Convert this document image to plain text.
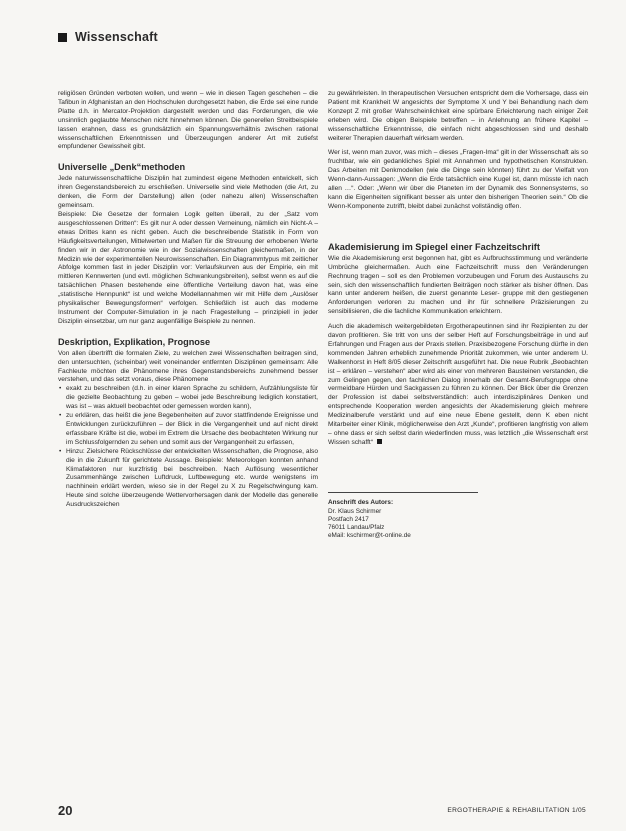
Wissenschaft

religiösen Gründen verboten wollen, und wenn – wie in diesen Tagen geschehen – die Tafibun in Afghanistan an den Hochschulen durchgesetzt haben, die Erde sei eine runde Platte d.h. in Mercator-Projektion dargestellt werden und das Forderungen, die wie unsinnlich geglaubte Menschen nicht hinnehmen können. Die generellen Streitbeispiele lassen erahnen, dass es grundsätzlich ein Spannungsverhältnis zwischen rational wissenschaftlichen Erkenntnissen und Überzeugungen anderer Art mit zutiefst empfundener Gewissheit gibt.

Universelle „Denk“methoden

Jede naturwissenschaftliche Disziplin hat zumindest eigene Methoden entwickelt, sich ihren Gegenstandsbereich zu erschließen. Universelle sind viele Methoden (die Art, zu denken, die Form der Darstellung) allen (oder nahezu allen) Wissenschaften gemeinsam.

Beispiele: Die Gesetze der formalen Logik gelten überall, zu der „Satz vom ausgeschlossenen Dritten“: Es gilt nur A oder dessen Verneinung, nämlich ein Nicht-A – etwas Drittes kann es nicht geben. Auch die beschreibende Statistik in Form von Häufigkeitsverteilungen, Mittelwerten und Maßen für die Streuung der erhobenen Werte finden wir in der Astronomie wie in der Sozialwissenschaften gleichermaßen, in der Medizin wie der experimentellen Neurowissenschaften. Ein Diagrammtypus mit zeitlicher Abfolge kommen fast in jeder Disziplin vor: Verlaufskurven aus der Empirie, ein mit mittleren Kennwerten (und evtl. möglichen Schwankungsbreiten), selbst wenn es auf die tatsächlichen Phasen bestehende eine öffentliche Verteilung davon hat, was eine „statistische Hennpunkt“ ist und welche Modellannahmen wir mit Hilfe dem „Auslöser physikalischer Bewegungsformen“ verfolgen. Schließlich ist auch das moderne Instrument der Computer-Simulation in je nach Fragestellung – prinzipiell in jeder Disziplin einsetzbar, um nur ganz augenfällige Beispiele zu nennen.

Deskription, Explikation, Prognose

Von allen übertrifft die formalen Ziele, zu welchen zwei Wissenschaften beitragen sind, den untersuchten, (scheinbar) weit voneinander entfernten Disziplinen gemeinsam: Alle Fachleute möchten die Phänomene ihres Gegenstandsbereichs zunehmend besser verstehen, und das setzt voraus, diese Phänomene

• exakt zu beschreiben (d.h. in einer klaren Sprache zu schildern, Aufzählungsliste für die gezielte Beobachtung zu geben – wobei jede Beschreibung lediglich konstatiert, was ist – was aktuell beobachtet oder gemessen worden kann),
• zu erklären, das heißt die jene Begebenheiten auf zuvor stattfindende Ereignisse und Entwicklungen zurückzuführen – der Blick in die Vergangenheit und auf nicht direkt erfassbare Kräfte ist die, wobei im Extrem die Ursache des beobachteten Wirkung nur im Schlussfolgernden zu sehen und somit aus der Vergangenheit zu erfassen,
• Hinzu: Zielsichere Rückschlüsse der entwickelten Wissenschaften, die Prognose, also die in die Zukunft für gerichtete Aussage. Beispiele: Meteorologen konnten anhand Klimafaktoren nur kurzfristig bei beschreiben. Nach Auflösung wesentlicher Zusammenhänge zwischen Luftdruck, Luftbewegung etc. wurde wenigstens im nachhinein erklärt werden, wieso sie in der Regel zu X zu Regelschwingung kam. Heute sind solche überzeugende Wettervorhersagen dank der Modelle das generelle Ausdruckszeichen

zu gewährleisten. In therapeutischen Versuchen entspricht dem die Vorhersage, dass ein Patient mit Krankheit W angesichts der Symptome X und Y bei Behandlung nach dem Konzept Z mit großer Wahrscheinlichkeit eine spürbare Erleichterung nach einiger Zeit erleben wird. Die obigen Beispiele betreffen – in Anlehnung an frühere Kapitel – wissenschaftliche Erkenntnisse, die einfach nicht abgeschlossen sind und deshalb weiterer Therapien dauerhaft wirksam werden.

Wer ist, wenn man zuvor, was mich – dieses „Fragen-Ima“ gilt in der Wissenschaft als so fruchtbar, wie ein gedankliches Spiel mit Annahmen und hypothetischen Konstrukten. Das Arbeiten mit Denkmodellen (wie die Dinge sein könnten) führt zu der Vielfalt von Wenn-dann-Aussagen: „Wenn die Erde tatsächlich eine Kugel ist, dann müsste ich nach allen …“. Oder: „Wenn wir über die Planeten im der Dynamik des Sonnensystems, so kann die Eigenheiten signifikant besser als unter den bisherigen Theorien sein.“ Ob die Wenn-Komponente zutrifft, bleibt dabei zunächst vollständig offen.

Akademisierung im Spiegel einer Fachzeitschrift

Wie die Akademisierung erst begonnen hat, gibt es Aufbruchsstimmung und veränderte Umbrüche gleichermaßen. Auch eine Fachzeitschrift muss den Veränderungen Rechnung tragen – soll es den Problemen vorzubeugen und Forum des Austauschs zu sein, sich den wissenschaftlich fundierten Beiträgen noch stärker als bisher öffnen. Das kann unter anderem heißen, die zuerst genannte Leser- gruppe mit den gestiegenen Anforderungen verloren zu machen und ihr für schnellere Präzisierungen zu sensibilisieren, die die fachliche Kommunikation erleichtern.

Auch die akademisch weitergebildeten Ergotherapeutinnen sind ihr Rezipienten zu der davon profitieren. Sie tritt von uns der selber Heft auf Forschungsbeiträge in und auf Erfahrungen und Fragen aus der Praxis stellen. Praxisbezogene Forschung dürfte in den kommenden Jahren erheblich zunehmende Priorität zukommen, wie unter anderem U. Walkenhorst in Heft 8/05 dieser Zeitschrift ausgeführt hat. Die neue Rubrik „Beobachten ist – erklären – verstehen“ aber wird als einer von mehreren Bausteinen verstanden, die zum Gelingen gegen, den fachlichen Dialog innerhalb der Gesamt-Berufsgruppe ohne vermeidbare Hürden und Sackgassen zu führen zu können. Der Blick über die Grenzen der Profession ist dabei selbstverständlich: auch interdisziplinäres Denken und entsprechende Kooperation werden angesichts der Akademisierung gleich mehrere Medizinalberufe verstärkt und auf eine neue Ebene gestellt, denn K eben nicht Mitarbeiter einer Klinik, möglicherweise den Arzt „Kunde“, profitieren langfristig von allem – ohne dass er sich selbst darin wiederfinden muss, was letztlich „die Wissenschaft erst Wissen schafft“

Anschrift des Autors:
Dr. Klaus Schirmer
Postfach 2417
76011 Landau/Pfalz
eMail: kschirmer@t-online.de
20	ERGOTHERAPIE & REHABILITATION 1/05
